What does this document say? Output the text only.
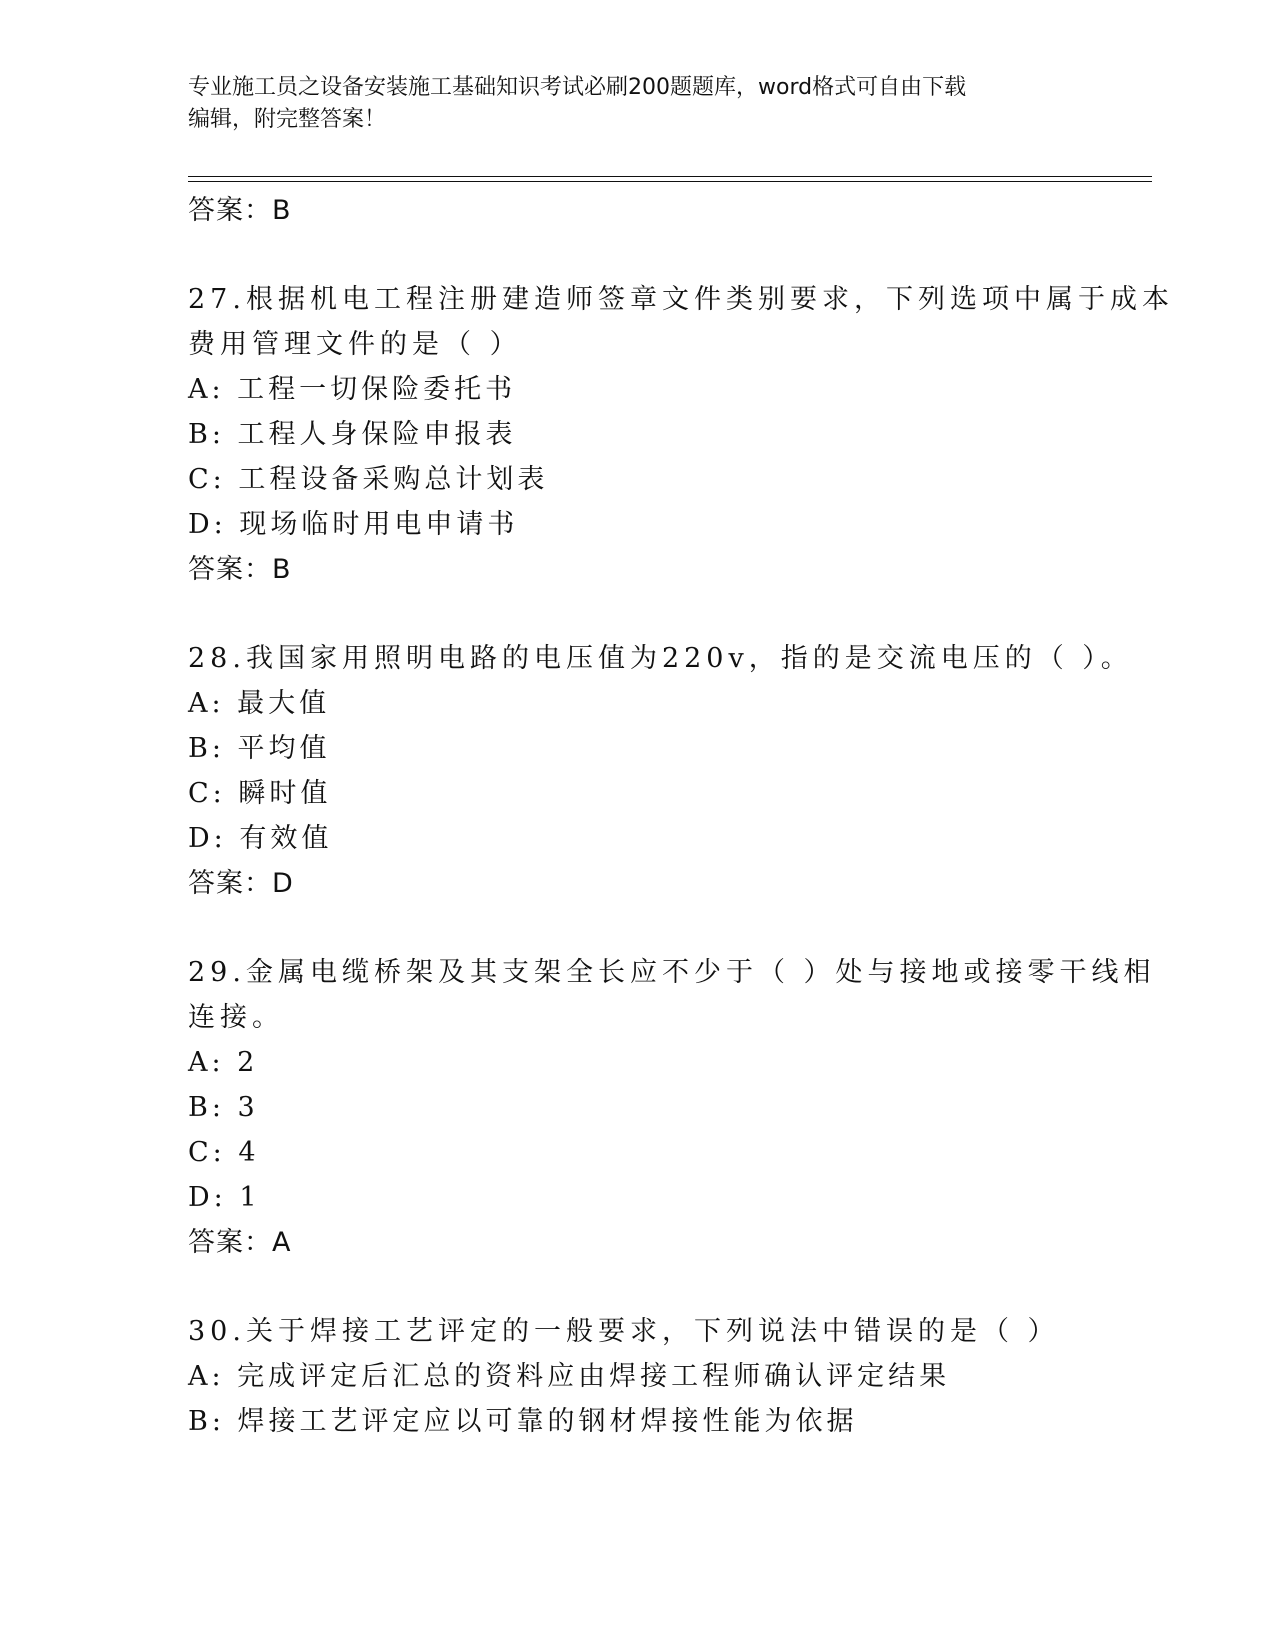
专业施工员之设备安装施工基础知识考试必刷200题题库，word格式可自由下载
编辑，附完整答案！
答案：B
27.根据机电工程注册建造师签章文件类别要求，下列选项中属于成本
费用管理文件的是（ ）
A: 工程一切保险委托书
B: 工程人身保险申报表
C: 工程设备采购总计划表
D: 现场临时用电申请书
答案：B
28.我国家用照明电路的电压值为220v，指的是交流电压的（ ）。
A: 最大值
B: 平均值
C: 瞬时值
D: 有效值
答案：D
29.金属电缆桥架及其支架全长应不少于（ ）处与接地或接零干线相
连接。
A: 2
B: 3
C: 4
D: 1
答案：A
30.关于焊接工艺评定的一般要求，下列说法中错误的是（ ）
A: 完成评定后汇总的资料应由焊接工程师确认评定结果
B: 焊接工艺评定应以可靠的钢材焊接性能为依据
